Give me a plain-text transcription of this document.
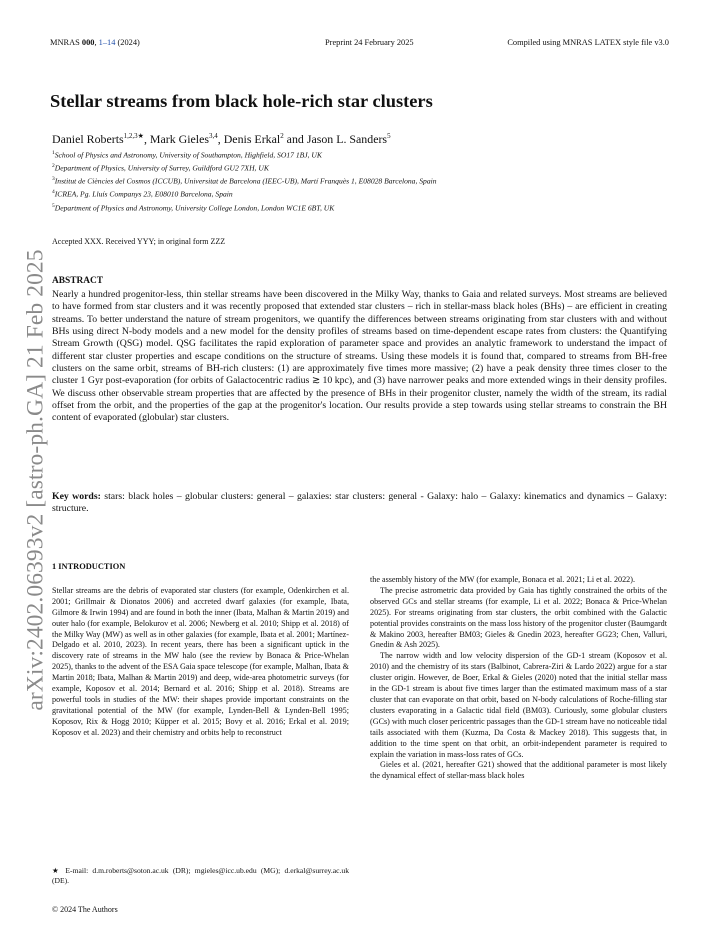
MNRAS 000, 1–14 (2024)	Preprint 24 February 2025	Compiled using MNRAS LATEX style file v3.0
arXiv:2402.06393v2 [astro-ph.GA] 21 Feb 2025
Stellar streams from black hole-rich star clusters
Daniel Roberts$^{1,2,3★}$, Mark Gieles$^{3,4}$, Denis Erkal$^2$ and Jason L. Sanders$^5$
$^1$School of Physics and Astronomy, University of Southampton, Highfield, SO17 1BJ, UK
$^2$Department of Physics, University of Surrey, Guildford GU2 7XH, UK
$^3$Institut de Ciències del Cosmos (ICCUB), Universitat de Barcelona (IEEC-UB), Martí Franquès 1, E08028 Barcelona, Spain
$^4$ICREA, Pg. Lluís Companys 23, E08010 Barcelona, Spain
$^5$Department of Physics and Astronomy, University College London, London WC1E 6BT, UK
Accepted XXX. Received YYY; in original form ZZZ
ABSTRACT
Nearly a hundred progenitor-less, thin stellar streams have been discovered in the Milky Way, thanks to Gaia and related surveys. Most streams are believed to have formed from star clusters and it was recently proposed that extended star clusters – rich in stellar-mass black holes (BHs) – are efficient in creating streams. To better understand the nature of stream progenitors, we quantify the differences between streams originating from star clusters with and without BHs using direct N-body models and a new model for the density profiles of streams based on time-dependent escape rates from clusters: the Quantifying Stream Growth (QSG) model. QSG facilitates the rapid exploration of parameter space and provides an analytic framework to understand the impact of different star cluster properties and escape conditions on the structure of streams. Using these models it is found that, compared to streams from BH-free clusters on the same orbit, streams of BH-rich clusters: (1) are approximately five times more massive; (2) have a peak density three times closer to the cluster 1 Gyr post-evaporation (for orbits of Galactocentric radius ≳ 10 kpc), and (3) have narrower peaks and more extended wings in their density profiles. We discuss other observable stream properties that are affected by the presence of BHs in their progenitor cluster, namely the width of the stream, its radial offset from the orbit, and the properties of the gap at the progenitor's location. Our results provide a step towards using stellar streams to constrain the BH content of evaporated (globular) star clusters.
Key words: stars: black holes – globular clusters: general – galaxies: star clusters: general - Galaxy: halo – Galaxy: kinematics and dynamics – Galaxy: structure.
1 INTRODUCTION

Stellar streams are the debris of evaporated star clusters (for example, Odenkirchen et al. 2001; Grillmair & Dionatos 2006) and accreted dwarf galaxies (for example, Ibata, Gilmore & Irwin 1994) and are found in both the inner (Ibata, Malhan & Martin 2019) and outer halo (for example, Belokurov et al. 2006; Newberg et al. 2010; Shipp et al. 2018) of the Milky Way (MW) as well as in other galaxies (for example, Ibata et al. 2001; Martínez-Delgado et al. 2010, 2023). In recent years, there has been a significant uptick in the discovery rate of streams in the MW halo (see the review by Bonaca & Price-Whelan 2025), thanks to the advent of the ESA Gaia space telescope (for example, Malhan, Ibata & Martin 2018; Ibata, Malhan & Martin 2019) and deep, wide-area photometric surveys (for example, Koposov et al. 2014; Bernard et al. 2016; Shipp et al. 2018). Streams are powerful tools in studies of the MW: their shapes provide important constraints on the gravitational potential of the MW (for example, Lynden-Bell & Lynden-Bell 1995; Koposov, Rix & Hogg 2010; Küpper et al. 2015; Bovy et al. 2016; Erkal et al. 2019; Koposov et al. 2023) and their chemistry and orbits help to reconstruct

the assembly history of the MW (for example, Bonaca et al. 2021; Li et al. 2022).

The precise astrometric data provided by Gaia has tightly constrained the orbits of the observed GCs and stellar streams (for example, Li et al. 2022; Bonaca & Price-Whelan 2025). For streams originating from star clusters, the orbit combined with the Galactic potential provides constraints on the mass loss history of the progenitor cluster (Baumgardt & Makino 2003, hereafter BM03; Gieles & Gnedin 2023, hereafter GG23; Chen, Valluri, Gnedin & Ash 2025).

The narrow width and low velocity dispersion of the GD-1 stream (Koposov et al. 2010) and the chemistry of its stars (Balbinot, Cabrera-Ziri & Lardo 2022) argue for a star cluster origin. However, de Boer, Erkal & Gieles (2020) noted that the initial stellar mass in the GD-1 stream is about five times larger than the estimated maximum mass of a star cluster that can evaporate on that orbit, based on N-body calculations of Roche-filling star clusters evaporating in a Galactic tidal field (BM03). Curiously, some globular clusters (GCs) with much closer pericentric passages than the GD-1 stream have no noticeable tidal tails associated with them (Kuzma, Da Costa & Mackey 2018). This suggests that, in addition to the time spent on that orbit, an orbit-independent parameter is required to explain the variation in mass-loss rates of GCs.

Gieles et al. (2021, hereafter G21) showed that the additional parameter is most likely the dynamical effect of stellar-mass black holes

★ E-mail: d.m.roberts@soton.ac.uk (DR); mgieles@icc.ub.edu (MG); d.erkal@surrey.ac.uk (DE).
© 2024 The Authors
